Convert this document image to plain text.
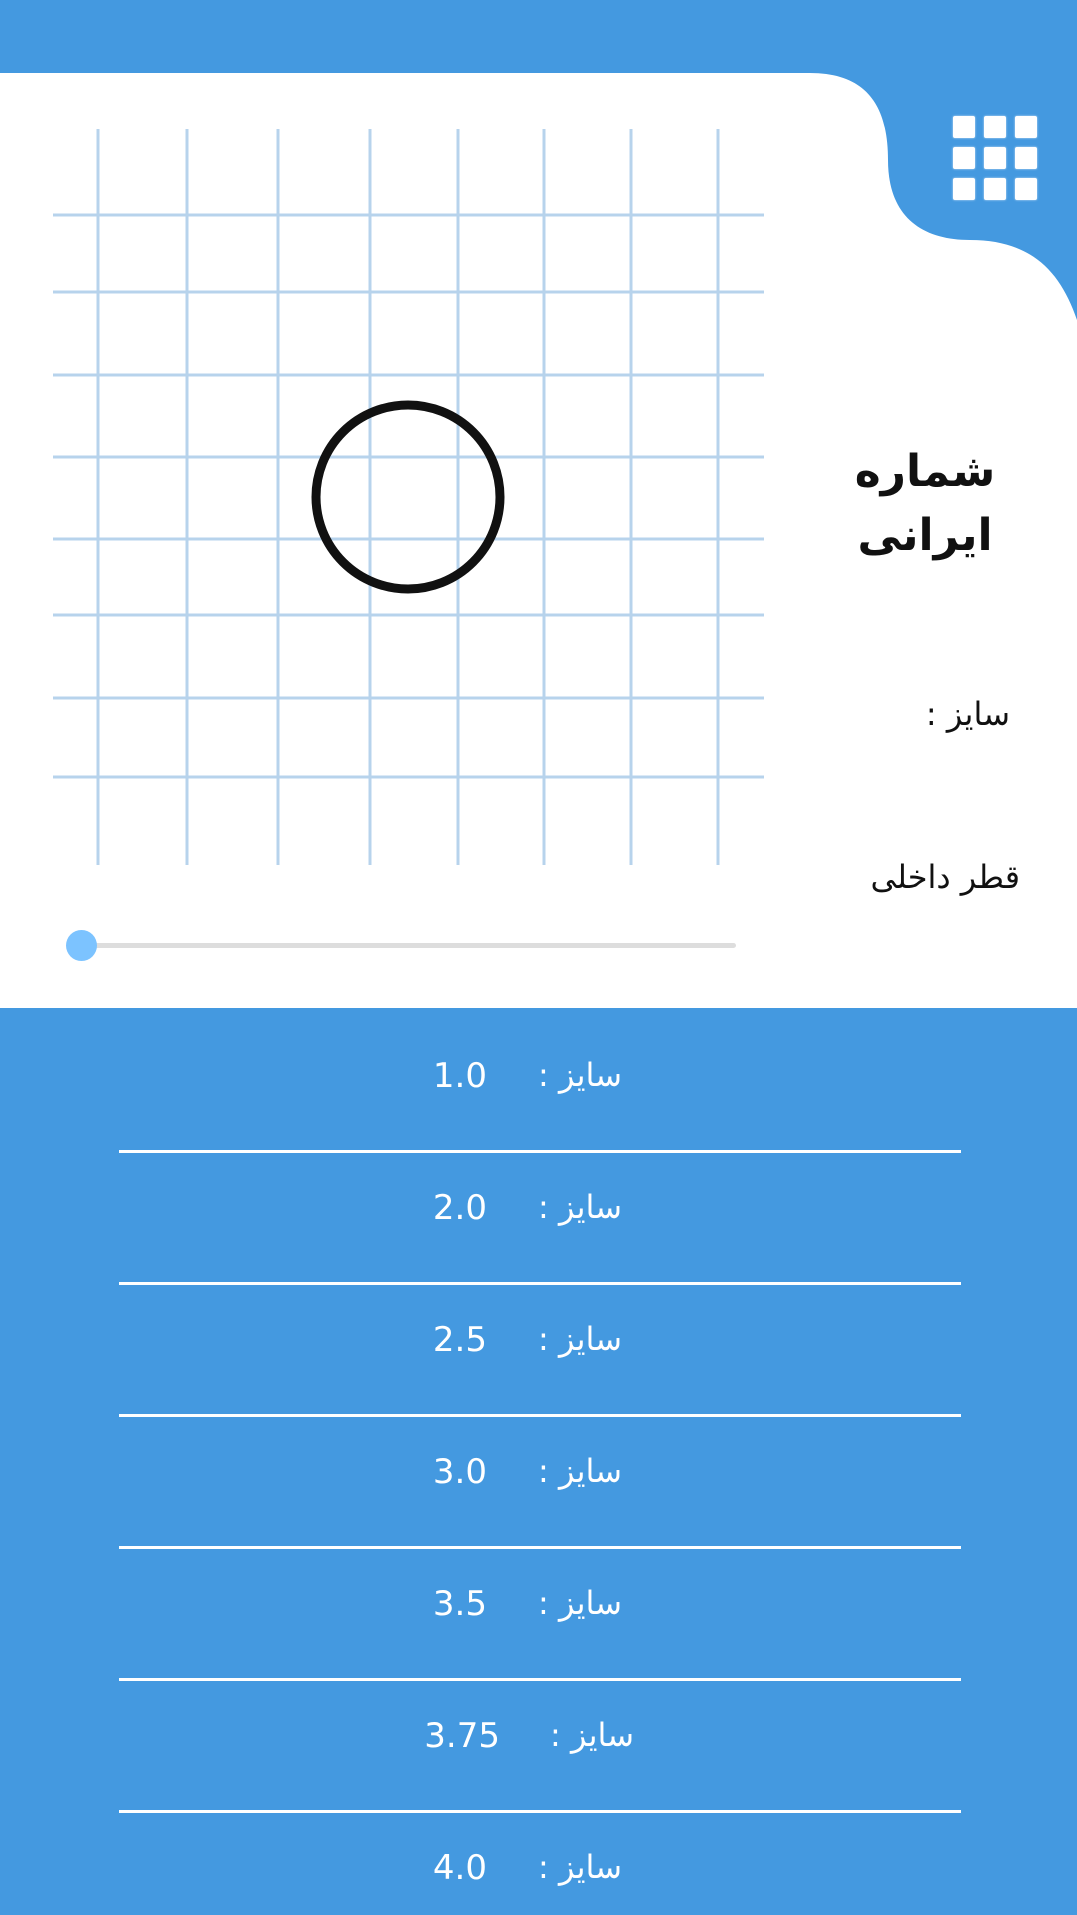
شماره
ایرانی
سایز :
قطر داخلی
سایز :
1.0
سایز :
2.0
سایز :
2.5
سایز :
3.0
سایز :
3.5
سایز :
3.75
سایز :
4.0
